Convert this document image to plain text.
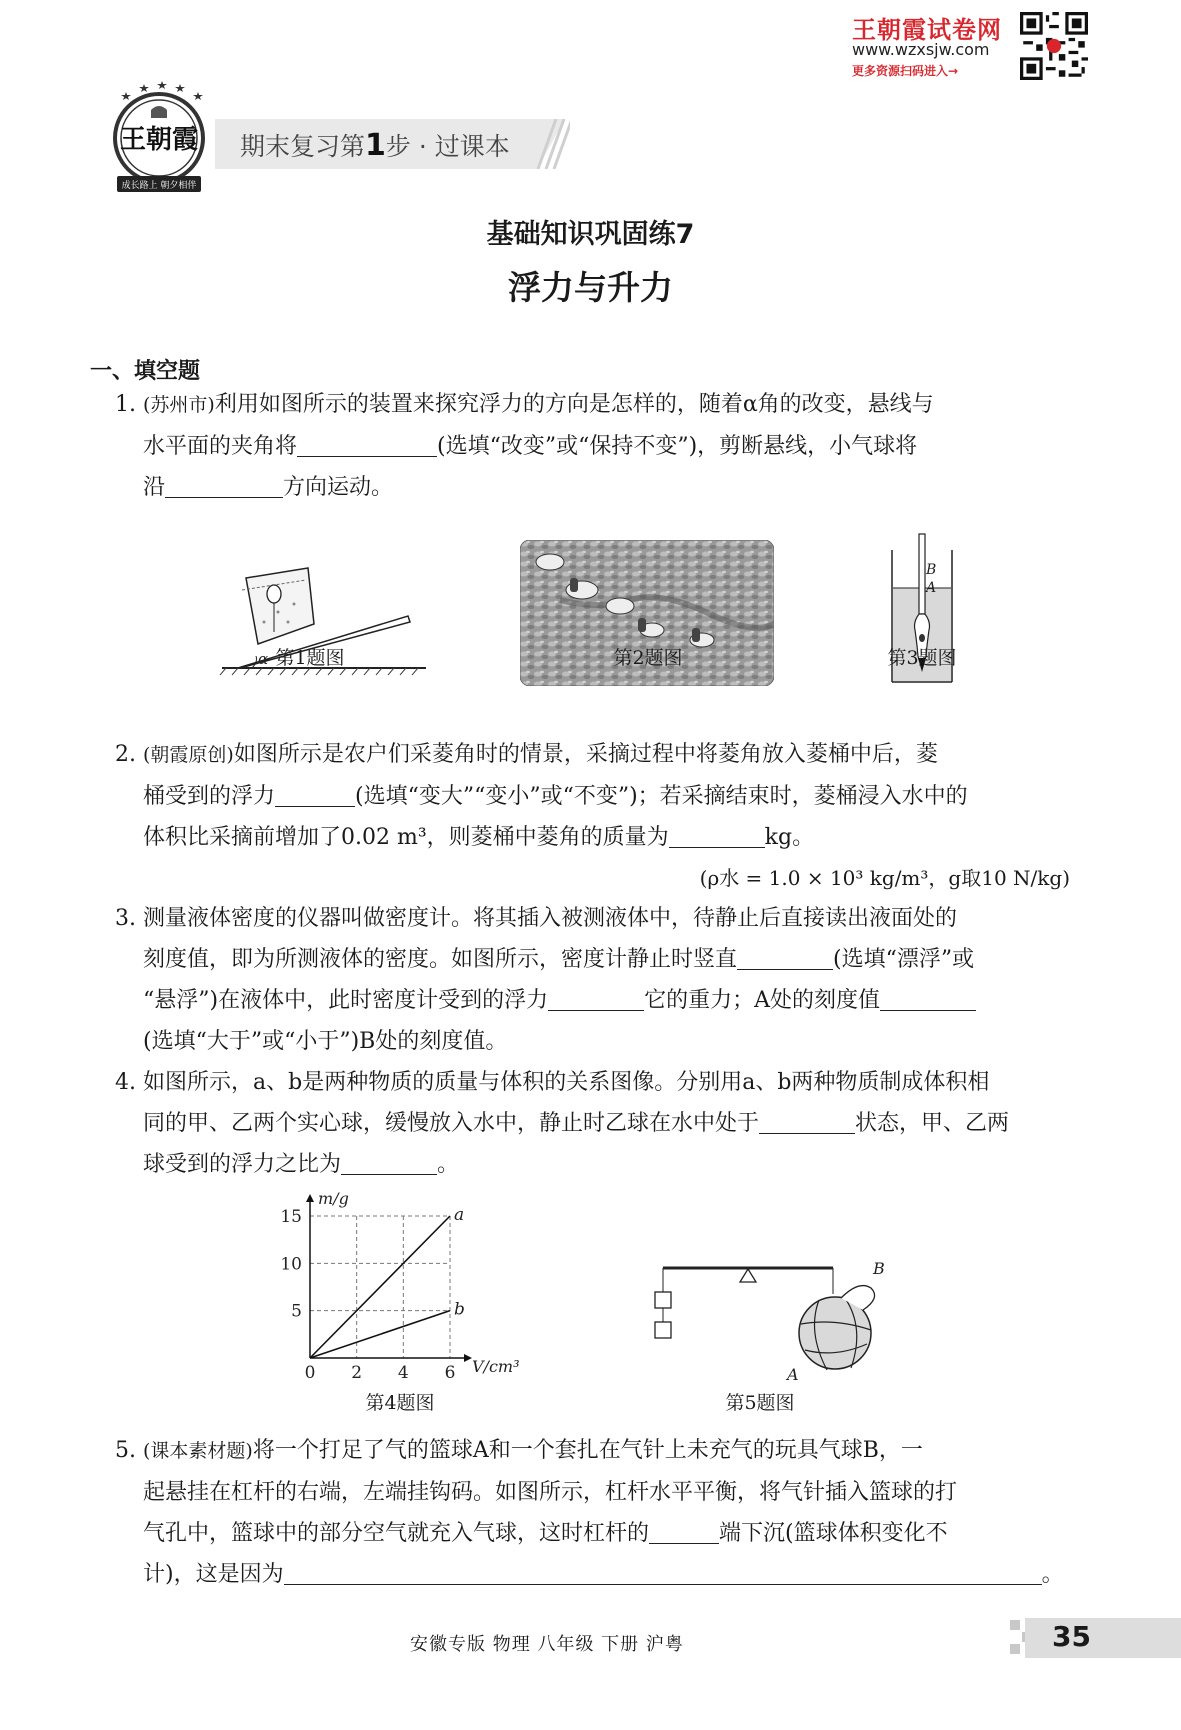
王朝霞试卷网
www.wzxsjw.com
更多资源扫码进入→
王朝霞
成长路上 朝夕相伴
期末复习第1步 · 过课本
基础知识巩固练7
浮力与升力
一、填空题
1. (苏州市)利用如图所示的装置来探究浮力的方向是怎样的，随着α角的改变，悬线与
水平面的夹角将	(选填“改变”或“保持不变”)，剪断悬线，小气球将
沿	方向运动。
α 第1题图	第2题图
B
A
第3题图
2. (朝霞原创)如图所示是农户们采菱角时的情景，采摘过程中将菱角放入菱桶中后，菱
桶受到的浮力	(选填“变大”“变小”或“不变”)；若采摘结束时，菱桶浸入水中的
体积比采摘前增加了0.02 m³，则菱桶中菱角的质量为	kg。
(ρ水 = 1.0 × 10³ kg/m³，g取10 N/kg)
3. 测量液体密度的仪器叫做密度计。将其插入被测液体中，待静止后直接读出液面处的
刻度值，即为所测液体的密度。如图所示，密度计静止时竖直	(选填“漂浮”或
“悬浮”)在液体中，此时密度计受到的浮力	它的重力；A处的刻度值
(选填“大于”或“小于”)B处的刻度值。
4. 如图所示，a、b是两种物质的质量与体积的关系图像。分别用a、b两种物质制成体积相
同的甲、乙两个实心球，缓慢放入水中，静止时乙球在水中处于	状态，甲、乙两
球受到的浮力之比为	。
0 2 4 6
5
10
15
V/cm³
m/g
a
b
第4题图
B
A
第5题图
5. (课本素材题)将一个打足了气的篮球A和一个套扎在气针上未充气的玩具气球B，一
起悬挂在杠杆的右端，左端挂钩码。如图所示，杠杆水平平衡，将气针插入篮球的打
气孔中，篮球中的部分空气就充入气球，这时杠杆的	端下沉(篮球体积变化不
计)，这是因为	。
安徽专版 物理 八年级 下册 沪粤	35
